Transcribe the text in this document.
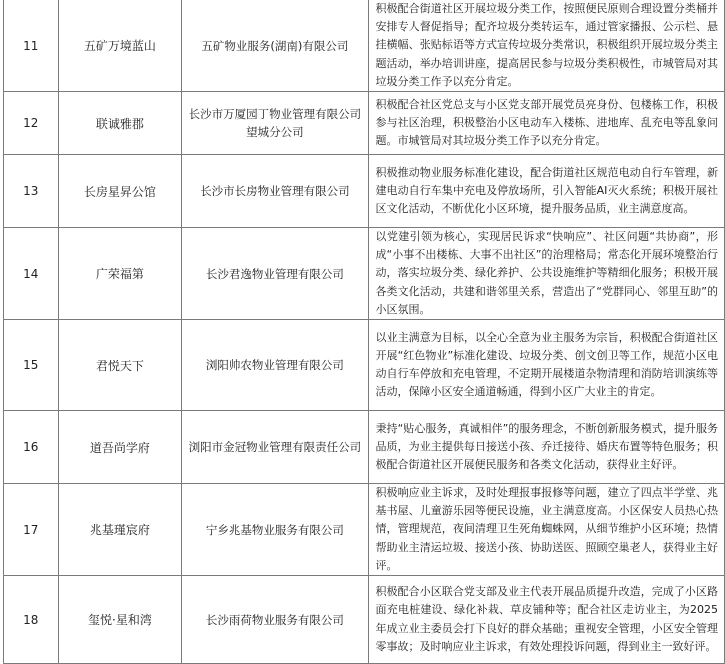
11	五矿万境蓝山	五矿物业服务(湖南)有限公司	积极配合街道社区开展垃圾分类工作，按照便民原则合理设置分类桶并安排专人督促指导；配齐垃圾分类转运车，通过管家播报、公示栏、悬挂横幅、张贴标语等方式宣传垃圾分类常识，积极组织开展垃圾分类主题活动，举办培训讲座，提高居民参与垃圾分类积极性，市城管局对其垃圾分类工作予以充分肯定。
12	联诚雅郡	长沙市万厦园丁物业管理有限公司望城分公司	积极配合社区党总支与小区党支部开展党员亮身份、包楼栋工作，积极参与社区治理，积极整治小区电动车入楼栋、进地库、乱充电等乱象问题。市城管局对其垃圾分类工作予以充分肯定。
13	长房星昇公馆	长沙市长房物业管理有限公司	积极推动物业服务标准化建设，配合街道社区规范电动自行车管理，新建电动自行车集中充电及停放场所，引入智能AI灭火系统；积极开展社区文化活动，不断优化小区环境，提升服务品质，业主满意度高。
14	广荣福第	长沙君逸物业管理有限公司	以党建引领为核心，实现居民诉求“快响应”、社区问题“共协商”，形成“小事不出楼栋、大事不出社区”的治理格局；常态化开展环境整治行动，落实垃圾分类、绿化养护、公共设施维护等精细化服务；积极开展各类文化活动，共建和谐邻里关系，营造出了“党群同心、邻里互助”的小区氛围。
15	君悦天下	浏阳帅农物业管理有限公司	以业主满意为目标，以全心全意为业主服务为宗旨，积极配合街道社区开展“红色物业”标准化建设、垃圾分类、创文创卫等工作，规范小区电动自行车停放和充电管理，不定期开展楼道杂物清理和消防培训演练等活动，保障小区安全通道畅通，得到小区广大业主的肯定。
16	道吾尚学府	浏阳市金冠物业管理有限责任公司	秉持“贴心服务，真诚相伴”的服务理念，不断创新服务模式，提升服务品质，为业主提供每日接送小孩、乔迁接待、婚庆布置等特色服务；积极配合街道社区开展便民服务和各类文化活动，获得业主好评。
17	兆基瑾宸府	宁乡兆基物业服务有限公司	积极响应业主诉求，及时处理报事报修等问题，建立了四点半学堂、兆基书屋、儿童游乐园等便民设施，业主满意度高。小区保安人员热心热情，管理规范，夜间清理卫生死角蜘蛛网，从细节维护小区环境；热情帮助业主清运垃圾、接送小孩、协助送医、照顾空巢老人，获得业主好评。
18	玺悦·星和湾	长沙雨荷物业服务有限公司	积极配合小区联合党支部及业主代表开展品质提升改造，完成了小区路面充电桩建设、绿化补栽、草皮铺种等；配合社区走访业主，为2025年成立业主委员会打下良好的群众基础；重视安全管理，小区安全管理零事故；及时响应业主诉求，有效处理投诉问题，得到业主一致好评。
